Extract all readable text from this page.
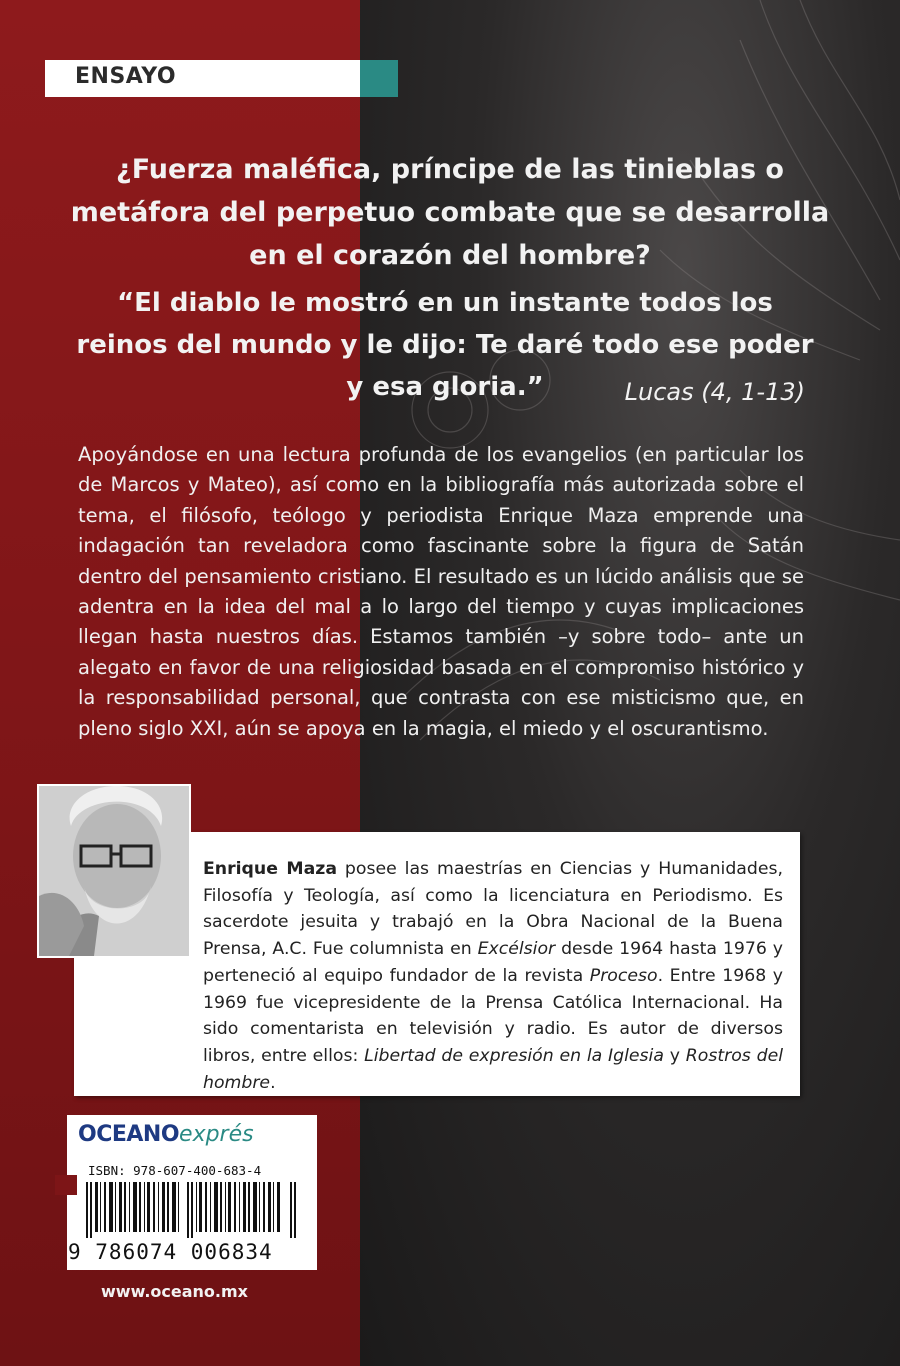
ENSAYO
¿Fuerza maléfica, príncipe de las tinieblas o metáfora del perpetuo combate que se desarrolla en el corazón del hombre?
“El diablo le mostró en un instante todos los reinos del mundo y le dijo: Te daré todo ese poder y esa gloria.”	Lucas (4, 1-13)
Apoyándose en una lectura profunda de los evangelios (en particular los de Marcos y Mateo), así como en la bibliografía más autorizada sobre el tema, el filósofo, teólogo y periodista Enrique Maza emprende una indagación tan reveladora como fascinante sobre la figura de Satán dentro del pensamiento cristiano. El resultado es un lúcido análisis que se adentra en la idea del mal a lo largo del tiempo y cuyas implicaciones llegan hasta nuestros días. Estamos también –y sobre todo– ante un alegato en favor de una religiosidad basada en el compromiso histórico y la responsabilidad personal, que contrasta con ese misticismo que, en pleno siglo XXI, aún se apoya en la magia, el miedo y el oscurantismo.
Enrique Maza posee las maestrías en Ciencias y Humanidades, Filosofía y Teología, así como la licenciatura en Periodismo. Es sacerdote jesuita y trabajó en la Obra Nacional de la Buena Prensa, A.C. Fue columnista en Excélsior desde 1964 hasta 1976 y perteneció al equipo fundador de la revista Proceso. Entre 1968 y 1969 fue vicepresidente de la Prensa Católica Internacional. Ha sido comentarista en televisión y radio. Es autor de diversos libros, entre ellos: Libertad de expresión en la Iglesia y Rostros del hombre.
OCEANOexprés
ISBN: 978-607-400-683-4
9 786074 006834
www.oceano.mx
